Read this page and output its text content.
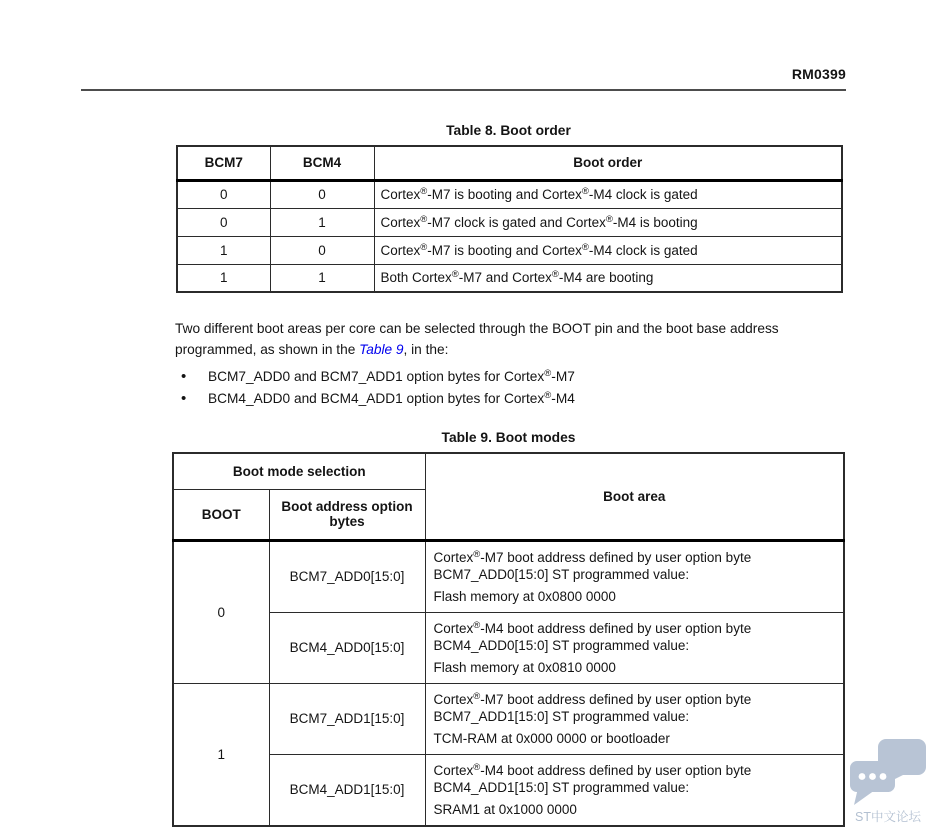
RM0399
Table 8. Boot order
BCM7	BCM4	Boot order
0	0	Cortex®-M7 is booting and Cortex®-M4 clock is gated
0	1	Cortex®-M7 clock is gated and Cortex®-M4 is booting
1	0	Cortex®-M7 is booting and Cortex®-M4 clock is gated
1	1	Both Cortex®-M7 and Cortex®-M4 are booting

Two different boot areas per core can be selected through the BOOT pin and the boot base address programmed, as shown in the Table 9, in the:

• BCM7_ADD0 and BCM7_ADD1 option bytes for Cortex®-M7
• BCM4_ADD0 and BCM4_ADD1 option bytes for Cortex®-M4
Table 9. Boot modes
Boot mode selection		Boot area
BOOT	Boot address option bytes	
0	BCM7_ADD0[15:0]	Cortex®-M7 boot address defined by user option byte BCM7_ADD0[15:0] ST programmed value:
Flash memory at 0x0800 0000

	BCM4_ADD0[15:0]	Cortex®-M4 boot address defined by user option byte BCM4_ADD0[15:0] ST programmed value:
Flash memory at 0x0810 0000

1	BCM7_ADD1[15:0]	Cortex®-M7 boot address defined by user option byte BCM7_ADD1[15:0] ST programmed value:
TCM-RAM at 0x000 0000 or bootloader

	BCM4_ADD1[15:0]	Cortex®-M4 boot address defined by user option byte BCM4_ADD1[15:0] ST programmed value:
SRAM1 at 0x1000 0000
ST中文论坛
